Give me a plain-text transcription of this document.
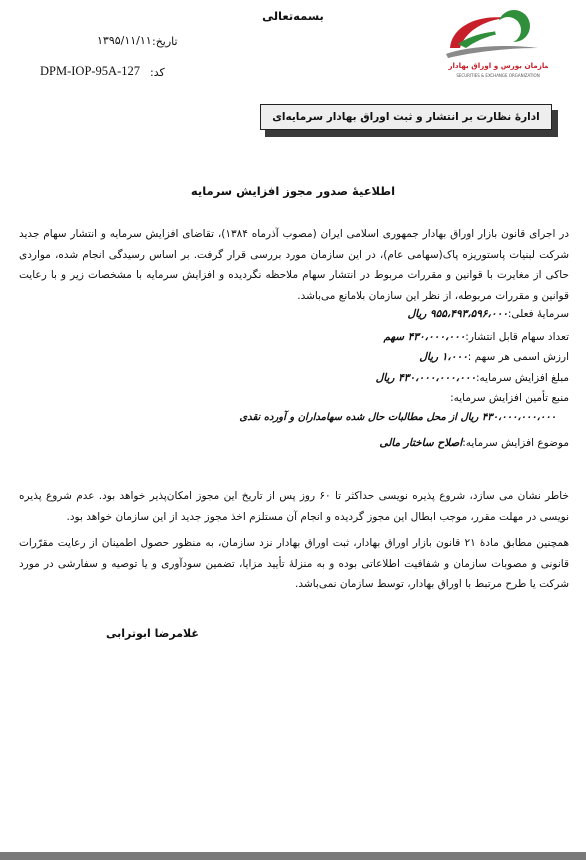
سازمان بورس و اوراق بهادار
SECURITIES & EXCHANGE ORGANIZATION
بسمه‌تعالی
تاریخ:
۱۳۹۵/۱۱/۱۱
کد:
DPM-IOP-95A-127
ادارهٔ نظارت بر انتشار و ثبت اوراق بهادار سرمایه‌ای
اطلاعیهٔ صدور مجوز افزایش سرمایه
در اجرای قانون بازار اوراق بهادار جمهوری اسلامی ایران (مصوب آذرماه ۱۳۸۴)، تقاضای افزایش سرمایه و انتشار سهام جدید شرکت لبنیات پاستوریزه پاک(سهامی عام)، در این سازمان مورد بررسی قرار گرفت. بر اساس رسیدگی انجام شده، مواردی حاکی از مغایرت با قوانین و مقررات مربوط در انتشار سهام ملاحظه نگردیده و افزایش سرمایه با مشخصات زیر و با رعایت قوانین و مقررات مربوطه، از نظر این سازمان بلامانع می‌باشد.
سرمایهٔ فعلی:۹۵۵،۴۹۳،۵۹۶،۰۰۰ ریال
تعداد سهام قابل انتشار:۴۳۰،۰۰۰،۰۰۰ سهم
ارزش اسمی هر سهم :۱،۰۰۰ ریال
مبلغ افزایش سرمایه:۴۳۰،۰۰۰،۰۰۰،۰۰۰ ریال
منبع تأمین افزایش سرمایه:
۴۳۰،۰۰۰،۰۰۰،۰۰۰ ریال از محل مطالبات حال شده سهامداران و آورده نقدی
موضوع افزایش سرمایه:اصلاح ساختار مالی
خاطر نشان می سازد، شروع پذیره نویسی حداکثر تا ۶۰ روز پس از تاریخ این مجوز امکان‌پذیر خواهد بود. عدم شروع پذیره نویسی در مهلت مقرر، موجب ابطال این مجوز گردیده و انجام آن مستلزم اخذ مجوز جدید از این سازمان خواهد بود.
همچنین مطابق مادهٔ ۲۱ قانون بازار اوراق بهادار، ثبت اوراق بهادار نزد سازمان، به منظور حصول اطمینان از رعایت مقرّرات قانونی و مصوبات سازمان و شفافیت اطلاعاتی بوده و به منزلهٔ تأیید مزایا، تضمین سودآوری و یا توصیه و سفارشی در مورد شرکت یا طرح مرتبط با اوراق بهادار، توسط سازمان نمی‌باشد.
غلامرضا ابوترابی
